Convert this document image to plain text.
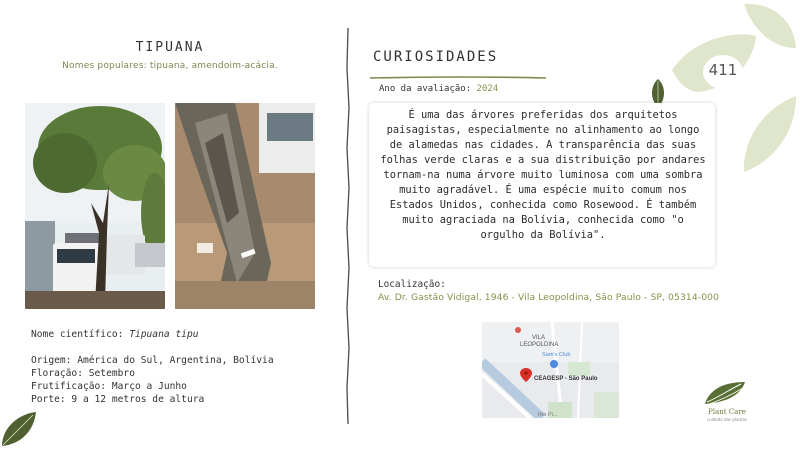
TIPUANA
Nomes populares: tipuana, amendoim-acácia.
Nome científico: Tipuana tipu
Origem: América do Sul, Argentina, Bolívia
Floração: Setembro
Frutificação: Março a Junho
Porte: 9 a 12 metros de altura
CURIOSIDADES
Ano da avaliação: 2024
É uma das árvores preferidas dos arquitetos paisagistas, especialmente no alinhamento ao longo de alamedas nas cidades. A transparência das suas folhas verde claras e a sua distribuição por andares tornam-na numa árvore muito luminosa com uma sombra muito agradável. É uma espécie muito comum nos Estados Unidos, conhecida como Rosewood. É também muito agraciada na Bolívia, conhecida como "o orgulho da Bolívia".
Localização:
Av. Dr. Gastão Vidigal, 1946 - Vila Leopoldina, São Paulo - SP, 05314-000
VILA
LEOPOLDINA
Sam's Club
CEAGESP - São Paulo
Rio Pi...
411
Plant Care
cuidado das plantas
